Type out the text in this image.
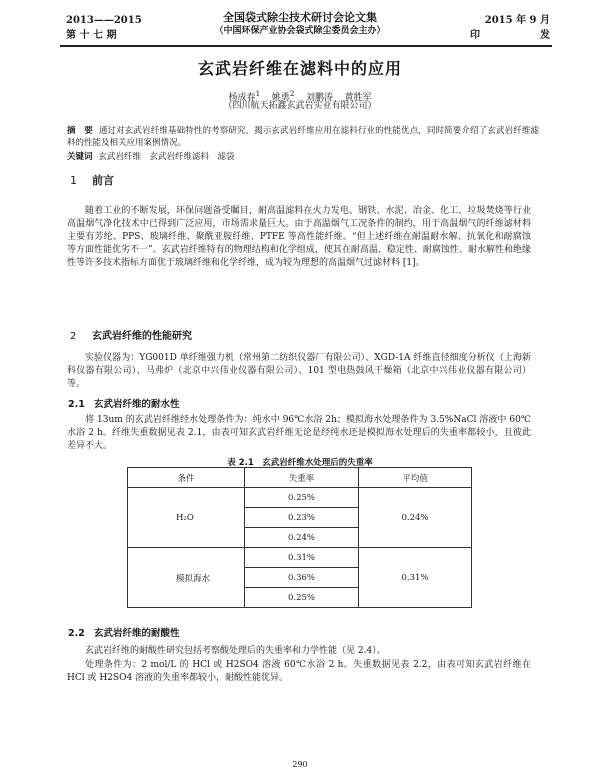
2013——2015
第 十 七 期
全国袋式除尘技术研讨会论文集
（中国环保产业协会袋式除尘委员会主办）
2015 年 9 月
印	发
玄武岩纤维在滤料中的应用
杨成春$^1$ 姚勇$^2$ 刘鹏涛 黄胜军
（四川航天拓鑫玄武岩实业有限公司）
摘　要 通过对玄武岩纤维基础特性的考察研究，揭示玄武岩纤维应用在滤料行业的性能优点，同时简要介绍了玄武岩纤维滤料的性能及相关应用案例情况。
关键词 玄武岩纤维　玄武岩纤维滤料　滤袋
1 前言
随着工业的不断发展，环保问题备受瞩目，耐高温滤料在火力发电、钢铁、水泥、冶金、化工、垃圾焚烧等行业高温烟气净化技术中已得到广泛应用，市场需求量巨大。由于高温烟气工况条件的制约，用于高温烟气的纤维滤材料主要有芳纶、PPS、玻璃纤维、聚酰亚胺纤维、PTFE 等高性能纤维。“但上述纤维在耐温耐水解、抗氧化和耐腐蚀等方面性能优劣不一”。玄武岩纤维特有的物理结构和化学组成，使其在耐高温、稳定性、耐腐蚀性、耐水解性和绝缘性等许多技术指标方面优于玻璃纤维和化学纤维，成为较为理想的高温烟气过滤材料 [1]。
2 玄武岩纤维的性能研究
实验仪器为：YG001D 单纤维强力机（常州第二纺织仪器厂有限公司）、XGD-1A 纤维直径细度分析仪（上海新科仪器有限公司）、马弗炉（北京中兴伟业仪器有限公司）、101 型电热鼓风干燥箱（北京中兴伟业仪器有限公司）等。
2.1 玄武岩纤维的耐水性
将 13um 的玄武岩纤维经水处理条件为：纯水中 96℃水浴 2h；模拟海水处理条件为 3.5%NaCl 溶液中 60℃水浴 2 h。纤维失重数据见表 2.1，由表可知玄武岩纤维无论是经纯水还是模拟海水处理后的失重率都较小，且彼此差异不大。
表 2.1　玄武岩纤维水处理后的失重率
条件	失重率	平均值
H₂O	0.25%	0.24%
	0.23%	
	0.24%	
模拟海水	0.31%	0.31%
	0.36%	
	0.25%	
2.2 玄武岩纤维的耐酸性
玄武岩纤维的耐酸性研究包括考察酸处理后的失重率和力学性能（见 2.4）。
处理条件为：2 mol/L 的 HCl 或 H2SO4 溶液 60℃水浴 2 h。失重数据见表 2.2，由表可知玄武岩纤维在 HCl 或 H2SO4 溶液的失重率都较小，耐酸性能优异。
290
